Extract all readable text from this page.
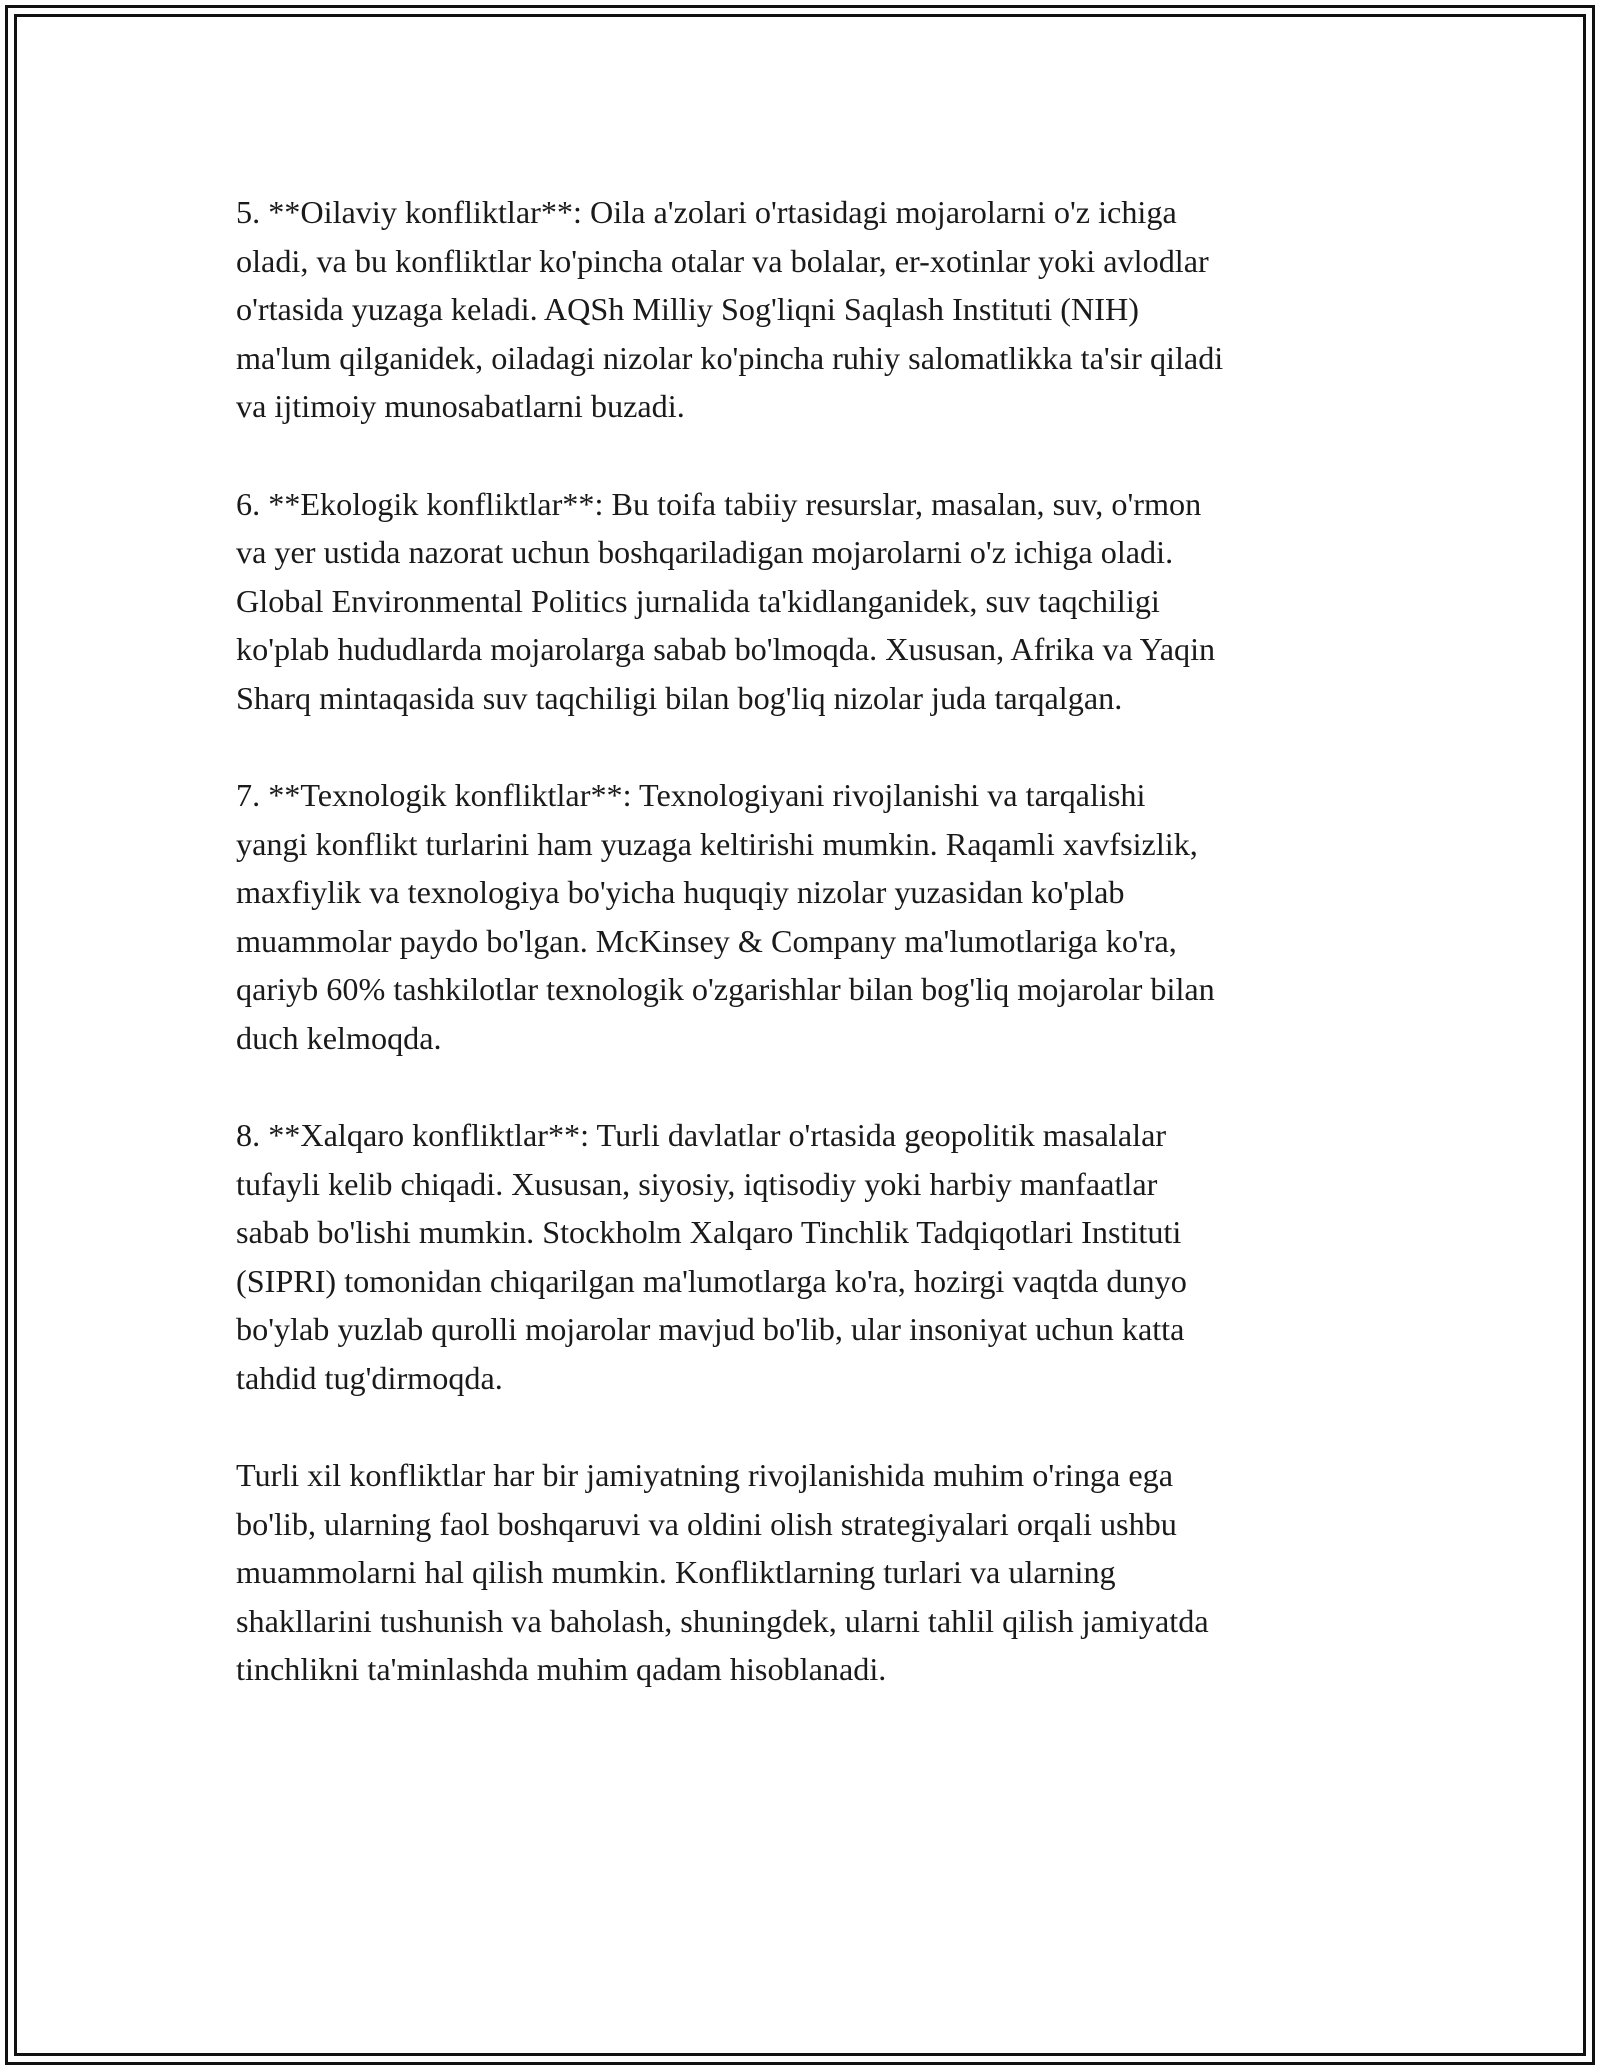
5. **Oilaviy konfliktlar**: Oila a'zolari o'rtasidagi mojarolarni o'z ichiga
oladi, va bu konfliktlar ko'pincha otalar va bolalar, er-xotinlar yoki avlodlar
o'rtasida yuzaga keladi. AQSh Milliy Sog'liqni Saqlash Instituti (NIH)
ma'lum qilganidek, oiladagi nizolar ko'pincha ruhiy salomatlikka ta'sir qiladi
va ijtimoiy munosabatlarni buzadi.

6. **Ekologik konfliktlar**: Bu toifa tabiiy resurslar, masalan, suv, o'rmon
va yer ustida nazorat uchun boshqariladigan mojarolarni o'z ichiga oladi.
Global Environmental Politics jurnalida ta'kidlanganidek, suv taqchiligi
ko'plab hududlarda mojarolarga sabab bo'lmoqda. Xususan, Afrika va Yaqin
Sharq mintaqasida suv taqchiligi bilan bog'liq nizolar juda tarqalgan.

7. **Texnologik konfliktlar**: Texnologiyani rivojlanishi va tarqalishi
yangi konflikt turlarini ham yuzaga keltirishi mumkin. Raqamli xavfsizlik,
maxfiylik va texnologiya bo'yicha huquqiy nizolar yuzasidan ko'plab
muammolar paydo bo'lgan. McKinsey & Company ma'lumotlariga ko'ra,
qariyb 60% tashkilotlar texnologik o'zgarishlar bilan bog'liq mojarolar bilan
duch kelmoqda.

8. **Xalqaro konfliktlar**: Turli davlatlar o'rtasida geopolitik masalalar
tufayli kelib chiqadi. Xususan, siyosiy, iqtisodiy yoki harbiy manfaatlar
sabab bo'lishi mumkin. Stockholm Xalqaro Tinchlik Tadqiqotlari Instituti
(SIPRI) tomonidan chiqarilgan ma'lumotlarga ko'ra, hozirgi vaqtda dunyo
bo'ylab yuzlab qurolli mojarolar mavjud bo'lib, ular insoniyat uchun katta
tahdid tug'dirmoqda.

Turli xil konfliktlar har bir jamiyatning rivojlanishida muhim o'ringa ega
bo'lib, ularning faol boshqaruvi va oldini olish strategiyalari orqali ushbu
muammolarni hal qilish mumkin. Konfliktlarning turlari va ularning
shakllarini tushunish va baholash, shuningdek, ularni tahlil qilish jamiyatda
tinchlikni ta'minlashda muhim qadam hisoblanadi.
